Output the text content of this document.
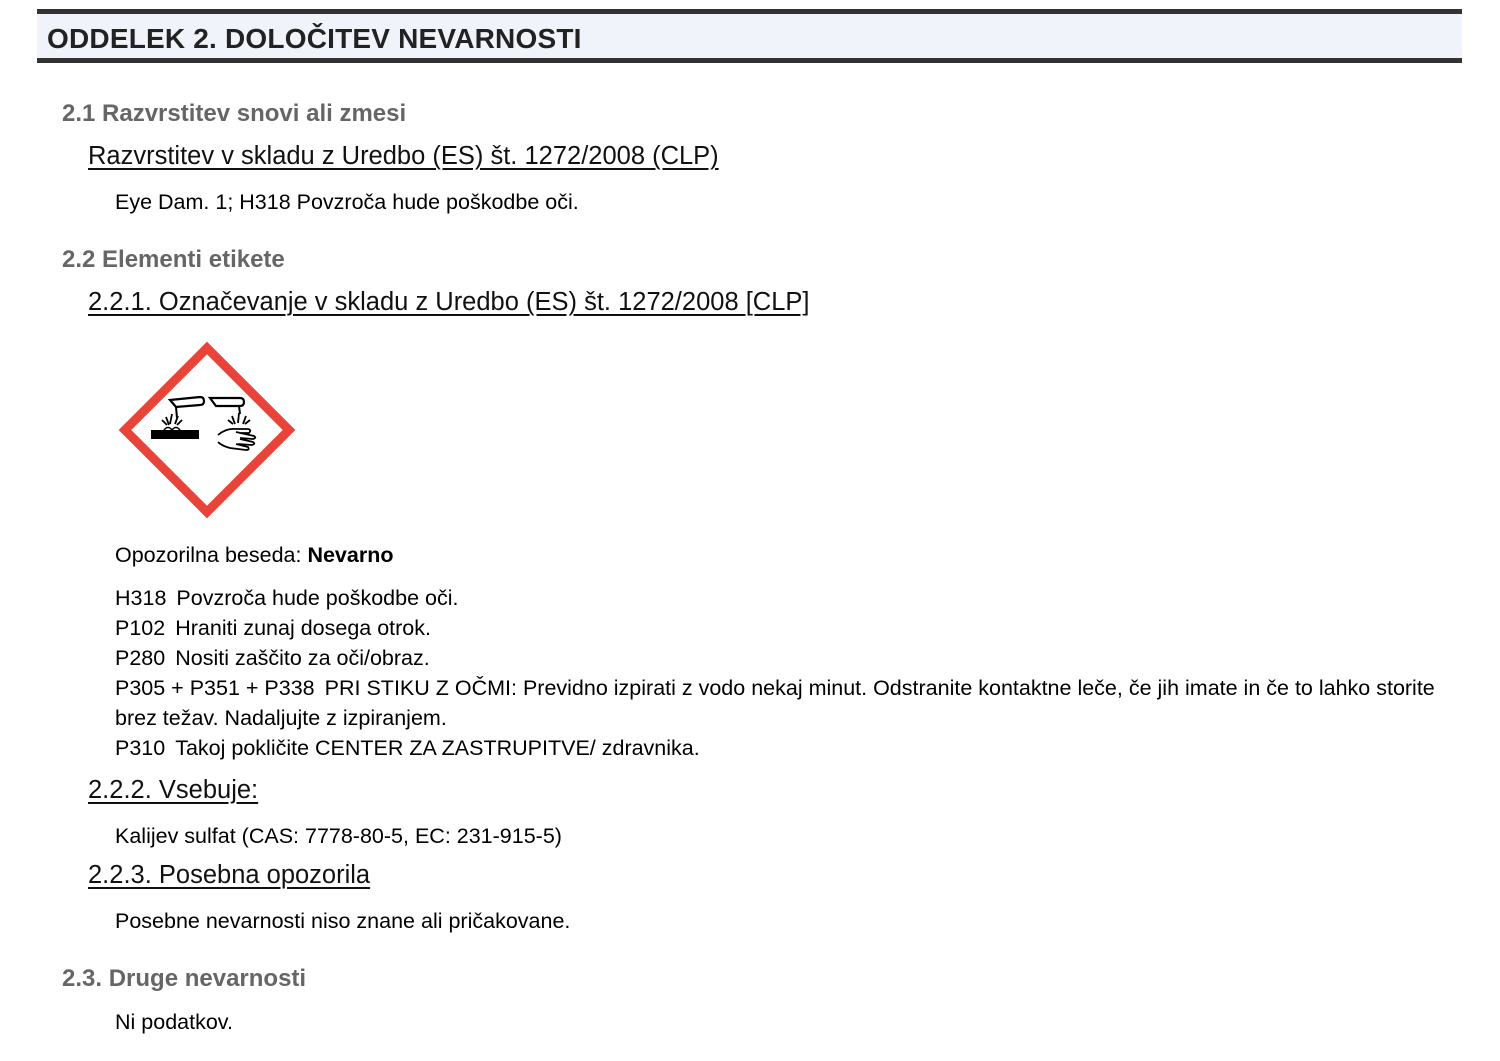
ODDELEK 2. DOLOČITEV NEVARNOSTI
2.1 Razvrstitev snovi ali zmesi
Razvrstitev v skladu z Uredbo (ES) št. 1272/2008 (CLP)
Eye Dam. 1; H318 Povzroča hude poškodbe oči.
2.2 Elementi etikete
2.2.1. Označevanje v skladu z Uredbo (ES) št. 1272/2008 [CLP]
Opozorilna beseda: Nevarno
H318 Povzroča hude poškodbe oči.
P102 Hraniti zunaj dosega otrok.
P280 Nositi zaščito za oči/obraz.
P305 + P351 + P338 PRI STIKU Z OČMI: Previdno izpirati z vodo nekaj minut. Odstranite kontaktne leče, če jih imate in če to lahko storite brez težav. Nadaljujte z izpiranjem.
P310 Takoj pokličite CENTER ZA ZASTRUPITVE/ zdravnika.
2.2.2. Vsebuje:
Kalijev sulfat (CAS: 7778-80-5, EC: 231-915-5)
2.2.3. Posebna opozorila
Posebne nevarnosti niso znane ali pričakovane.
2.3. Druge nevarnosti
Ni podatkov.
